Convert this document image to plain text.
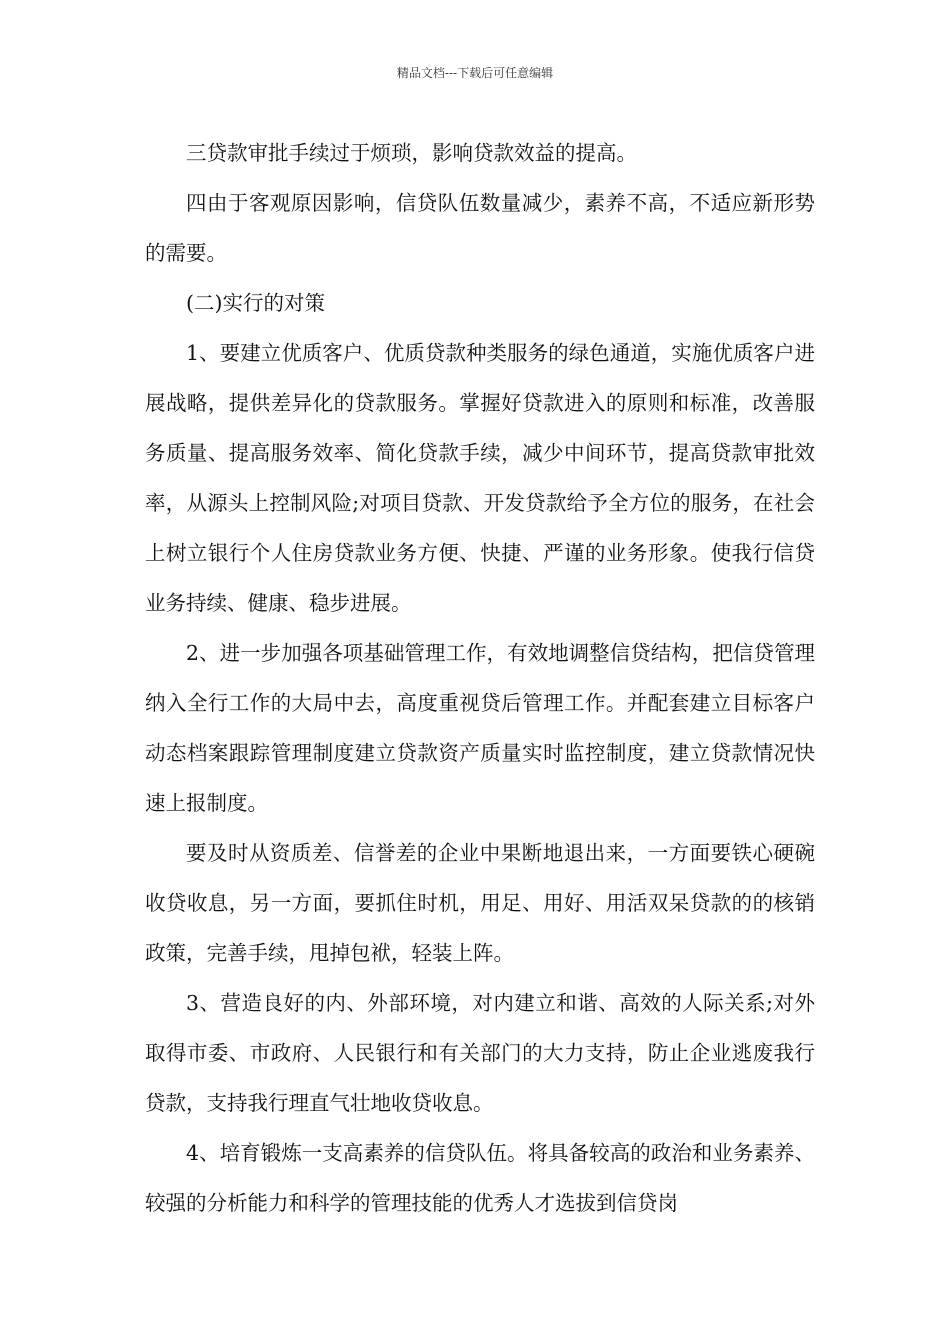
精品文档---下载后可任意编辑

三贷款审批手续过于烦琐，影响贷款效益的提高。

四由于客观原因影响，信贷队伍数量减少，素养不高，不适应新形势的需要。

(二)实行的对策

1、要建立优质客户、优质贷款种类服务的绿色通道，实施优质客户进展战略，提供差异化的贷款服务。掌握好贷款进入的原则和标准，改善服务质量、提高服务效率、简化贷款手续，减少中间环节，提高贷款审批效率，从源头上控制风险;对项目贷款、开发贷款给予全方位的服务，在社会上树立银行个人住房贷款业务方便、快捷、严谨的业务形象。使我行信贷业务持续、健康、稳步进展。

2、进一步加强各项基础管理工作，有效地调整信贷结构，把信贷管理纳入全行工作的大局中去，高度重视贷后管理工作。并配套建立目标客户动态档案跟踪管理制度建立贷款资产质量实时监控制度，建立贷款情况快速上报制度。

要及时从资质差、信誉差的企业中果断地退出来，一方面要铁心硬碗收贷收息，另一方面，要抓住时机，用足、用好、用活双呆贷款的的核销政策，完善手续，甩掉包袱，轻装上阵。

3、营造良好的内、外部环境，对内建立和谐、高效的人际关系;对外取得市委、市政府、人民银行和有关部门的大力支持，防止企业逃废我行贷款，支持我行理直气壮地收贷收息。

4、培育锻炼一支高素养的信贷队伍。将具备较高的政治和业务素养、较强的分析能力和科学的管理技能的优秀人才选拔到信贷岗
